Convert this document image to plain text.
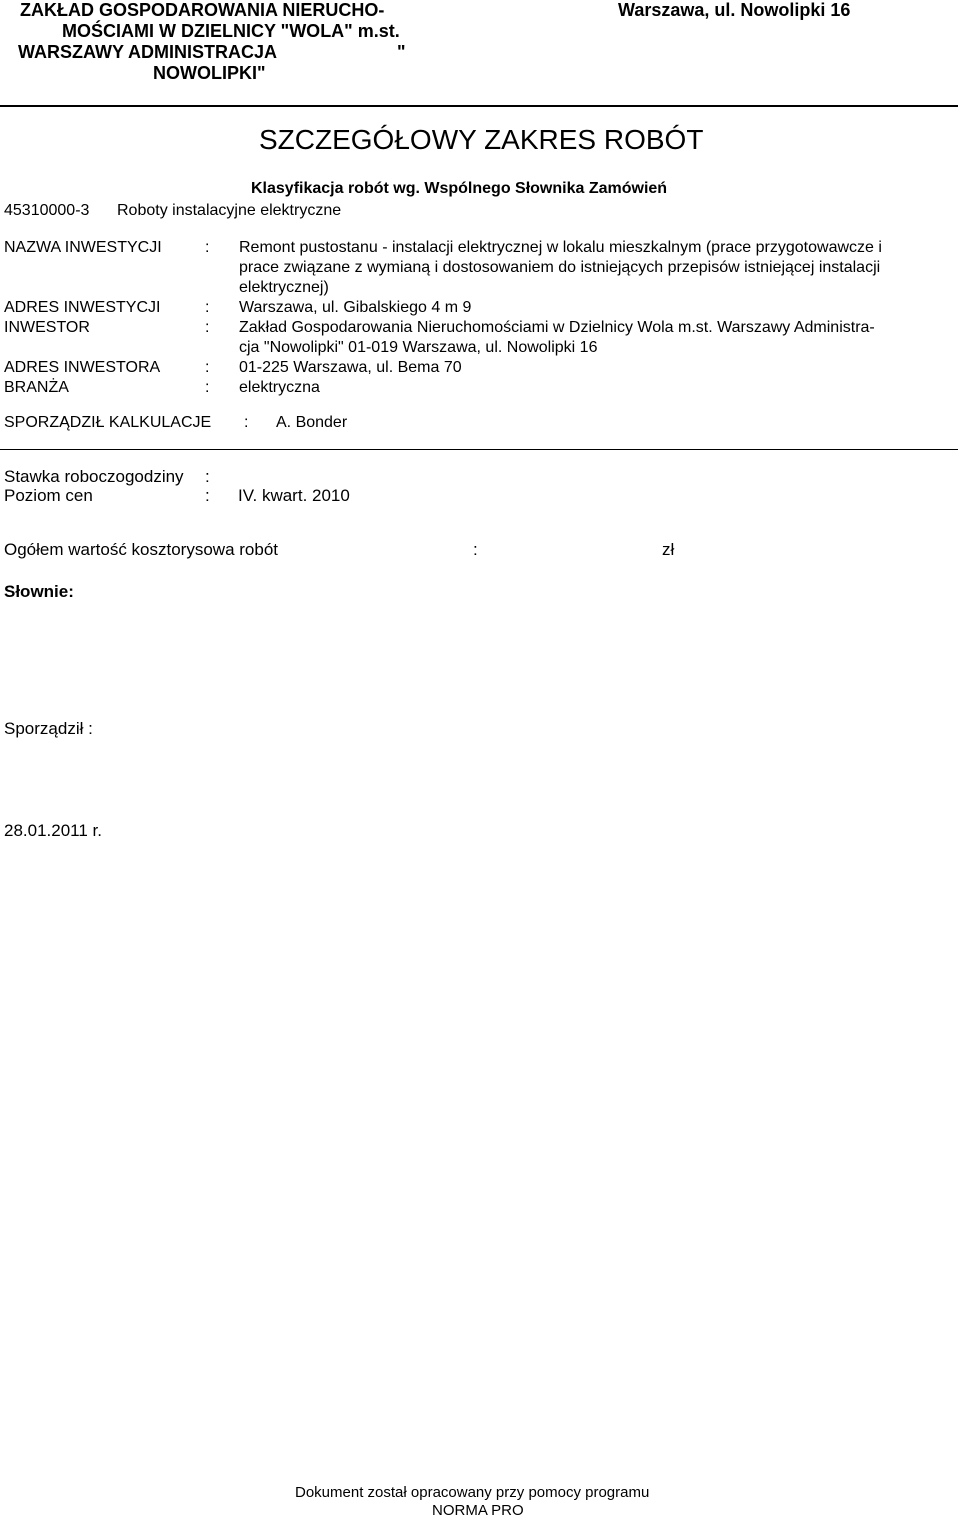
ZAKŁAD GOSPODAROWANIA NIERUCHO-
MOŚCIAMI W DZIELNICY "WOLA" m.st.
WARSZAWY ADMINISTRACJA	"
NOWOLIPKI"
Warszawa, ul. Nowolipki 16
SZCZEGÓŁOWY ZAKRES ROBÓT
Klasyfikacja robót wg. Wspólnego Słownika Zamówień
45310000-3 Roboty instalacyjne elektryczne
NAZWA INWESTYCJI	: Remont pustostanu - instalacji elektrycznej w lokalu mieszkalnym (prace przygotowawcze i
prace związane z wymianą i dostosowaniem do istniejących przepisów istniejącej instalacji
elektrycznej)
ADRES INWESTYCJI	: Warszawa, ul. Gibalskiego 4 m 9
INWESTOR	: Zakład Gospodarowania Nieruchomościami w Dzielnicy Wola m.st. Warszawy Administra-
cja "Nowolipki" 01-019 Warszawa, ul. Nowolipki 16
ADRES INWESTORA	: 01-225 Warszawa, ul. Bema 70
BRANŻA	: elektryczna
SPORZĄDZIŁ KALKULACJE : A. Bonder
Stawka roboczogodziny :
Poziom cen	: IV. kwart. 2010
Ogółem wartość kosztorysowa robót	:	zł
Słownie:
Sporządził :
28.01.2011 r.
Dokument został opracowany przy pomocy programu
NORMA PRO
